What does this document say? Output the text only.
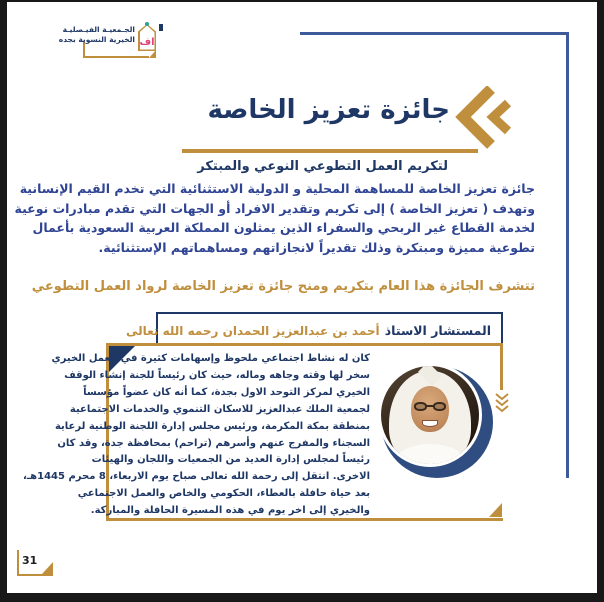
الجـمعيـة الفيـصليـة
الخيرية النسوية بجده اف
جائزة تعزيز الخاصة
لتكريم العمل التطوعي النوعي والمبتكر
جائزة تعزيز الخاصة للمساهمة المحلية و الدولية الاستثنائية التي تخدم القيم الإنسانية
وتهدف ( تعزيز الخاصة ) إلى تكريم وتقدير الافراد أو الجهات التي تقدم مبادرات نوعية
لخدمة القطاع غير الربحي والسفراء الذين يمثلون المملكة العربية السعودية بأعمال
تطوعية مميزة ومبتكرة وذلك تقديراً لانجازاتهم ومساهماتهم الإستثنائية.
تتشرف الجائزة هذا العام بتكريم ومنح جائزة تعزيز الخاصة لرواد العمل التطوعي
المستشار الاستاذ أحمد بن عبدالعزيز الحمدان رحمه الله تعالى
كان له نشاط اجتماعي ملحوظ وإسهامات كثيرة في العمل الخيري
سخر لها وقته وجاهه وماله، حيث كان رئيساً للجنة إنشاء الوقف
الخيري لمركز التوحد الاول بجدة، كما أنه كان عضواً مؤسساً
لجمعية الملك عبدالعزيز للاسكان التنموي والخدمات الاجتماعية
بمنطقة بمكة المكرمة، ورئيس مجلس إدارة اللجنة الوطنية لرعاية
السجناء والمفرج عنهم وأسرهم (تراحم) بمحافظة جدة، وقد كان
رئيساً لمجلس إدارة العديد من الجمعيات واللجان والهيئات
الاخرى. انتقل إلى رحمة الله تعالى صباح يوم الاربعاء، 8 محرم 1445هـ،
بعد حياة حافلة بالعطاء، الحكومي والخاص والعمل الاجتماعي
والخيري إلى اخر يوم في هذه المسيرة الحافلة والمباركة.
31
